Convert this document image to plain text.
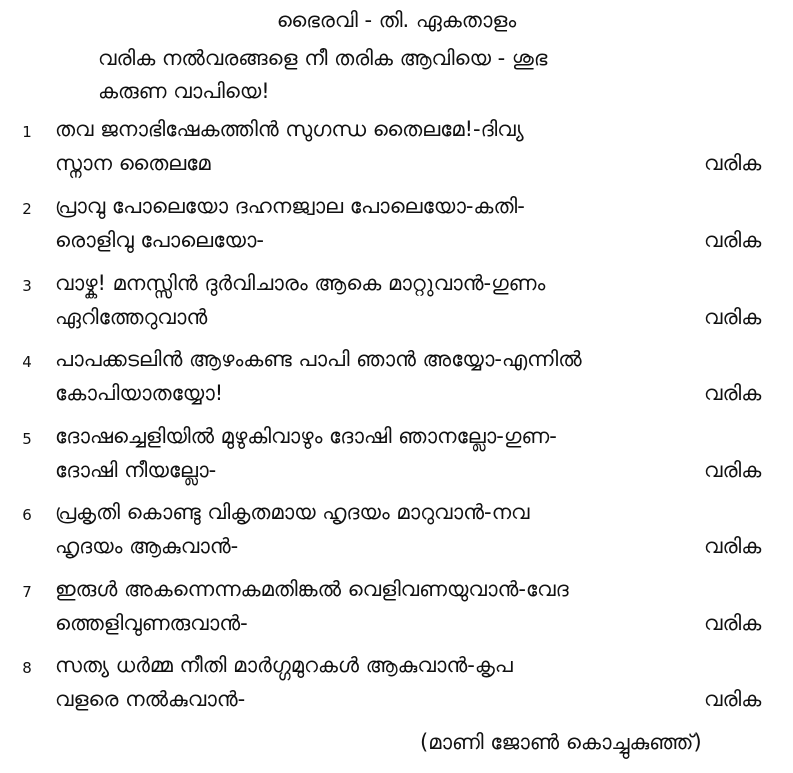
ഭൈരവി - തി. ഏകതാളം
വരിക നൽവരങ്ങളെ നീ തരിക ആവിയെ - ശുഭ
കരുണ വാപിയെ!
1 തവ ജനാഭിഷേകത്തിൻ സുഗന്ധ തൈലമേ!-ദിവ്യ
സ്നാന തൈലമേ	വരിക
2 പ്രാവു പോലെയോ ദഹനജ്വാല പോലെയോ-കതി-
രൊളിവു പോലെയോ-	വരിക
3 വാഴ്ക! മനസ്സിൻ ദുർവിചാരം ആകെ മാറ്റുവാൻ-ഗുണം
ഏറിത്തേറുവാൻ	വരിക
4 പാപക്കടലിൻ ആഴംകണ്ട പാപി ഞാൻ അയ്യോ-എന്നിൽ
കോപിയാതയ്യോ!	വരിക
5 ദോഷച്ചെളിയിൽ മുഴുകിവാഴും ദോഷി ഞാനല്ലോ-ഗുണ-
ദോഷി നീയല്ലോ-	വരിക
6 പ്രകൃതി കൊണ്ടു വികൃതമായ ഹൃദയം മാറുവാൻ-നവ
ഹൃദയം ആകുവാൻ-	വരിക
7 ഇരുൾ അകന്നെന്നകമതിങ്കൽ വെളിവണയുവാൻ-വേദ
ത്തെളിവുണരുവാൻ-	വരിക
8 സത്യ ധർമ്മ നീതി മാർഗ്ഗമുറകൾ ആകുവാൻ-കൃപ
വളരെ നൽകുവാൻ-	വരിക
(മാണി ജോൺ കൊച്ചുകുഞ്ഞ്)
